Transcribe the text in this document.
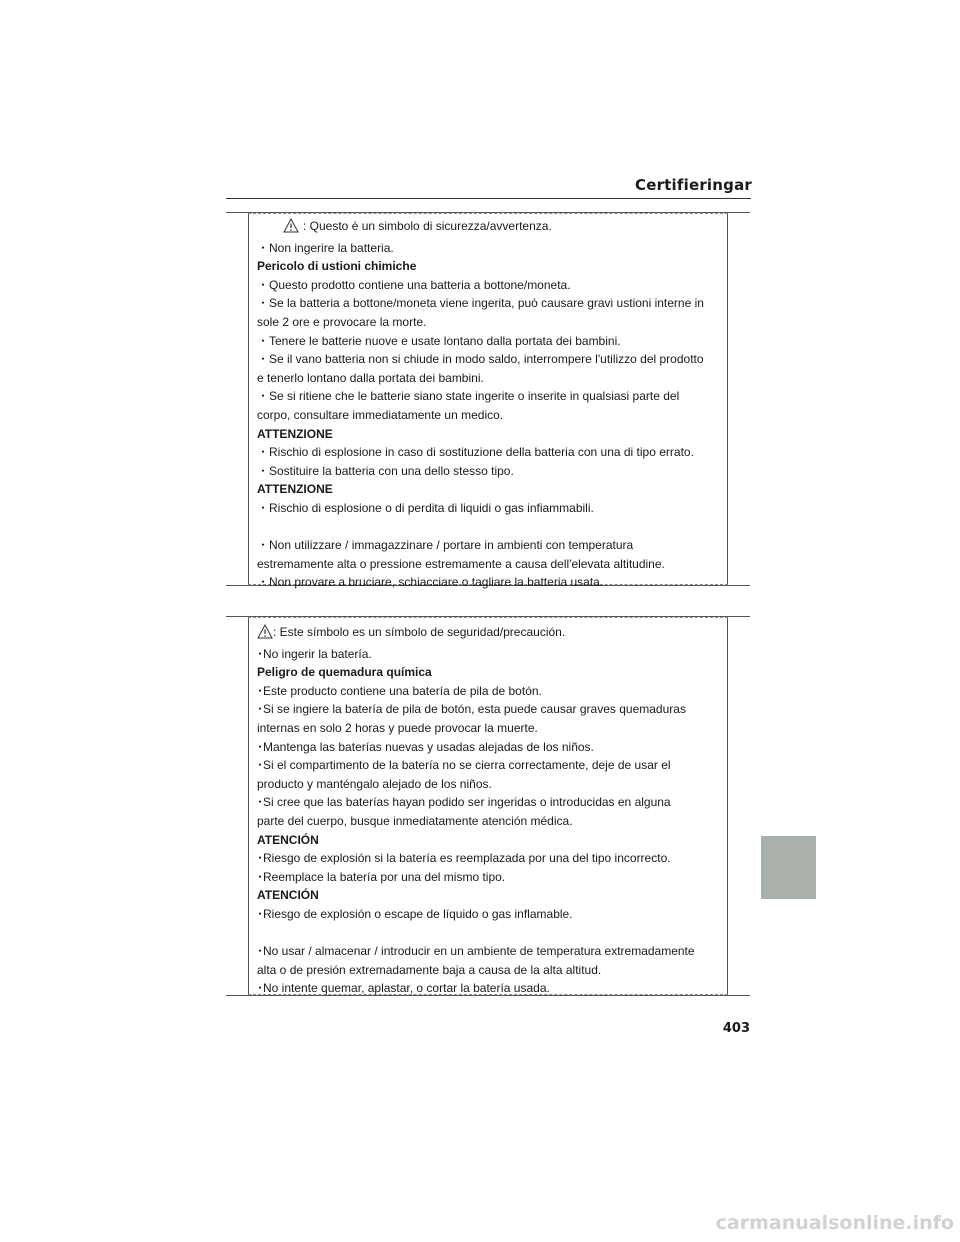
Certifieringar

: Questo è un simbolo di sicurezza/avvertenza.

・Non ingerire la batteria.

Pericolo di ustioni chimiche

・Questo prodotto contiene una batteria a bottone/moneta.

・Se la batteria a bottone/moneta viene ingerita, può causare gravi ustioni interne in

sole 2 ore e provocare la morte.

・Tenere le batterie nuove e usate lontano dalla portata dei bambini.

・Se il vano batteria non si chiude in modo saldo, interrompere l'utilizzo del prodotto

e tenerlo lontano dalla portata dei bambini.

・Se si ritiene che le batterie siano state ingerite o inserite in qualsiasi parte del

corpo, consultare immediatamente un medico.

ATTENZIONE

・Rischio di esplosione in caso di sostituzione della batteria con una di tipo errato.

・Sostituire la batteria con una dello stesso tipo.

ATTENZIONE

・Rischio di esplosione o di perdita di liquidi o gas infiammabili.

・Non utilizzare / immagazzinare / portare in ambienti con temperatura

estremamente alta o pressione estremamente a causa dell'elevata altitudine.

・Non provare a bruciare, schiacciare o tagliare la batteria usata.

: Este símbolo es un símbolo de seguridad/precaución.

･No ingerir la batería.

Peligro de quemadura química

･Este producto contiene una batería de pila de botón.

･Si se ingiere la batería de pila de botón, esta puede causar graves quemaduras

internas en solo 2 horas y puede provocar la muerte.

･Mantenga las baterías nuevas y usadas alejadas de los niños.

･Si el compartimento de la batería no se cierra correctamente, deje de usar el

producto y manténgalo alejado de los niños.

･Si cree que las baterías hayan podido ser ingeridas o introducidas en alguna

parte del cuerpo, busque inmediatamente atención médica.

ATENCIÓN

･Riesgo de explosión si la batería es reemplazada por una del tipo incorrecto.

･Reemplace la batería por una del mismo tipo.

ATENCIÓN

･Riesgo de explosión o escape de líquido o gas inflamable.

･No usar / almacenar / introducir en un ambiente de temperatura extremadamente

alta o de presión extremadamente baja a causa de la alta altitud.

･No intente quemar, aplastar, o cortar la batería usada.

403
carmanualsonline.info
